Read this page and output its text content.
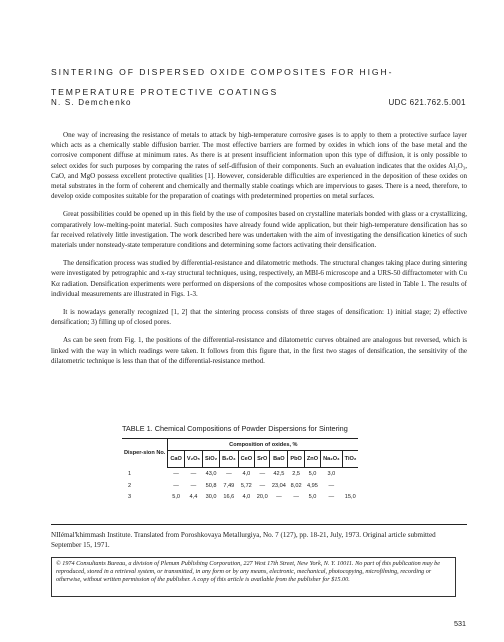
SINTERING OF DISPERSED OXIDE COMPOSITES FOR HIGH-
TEMPERATURE PROTECTIVE COATINGS
N. S. Demchenko	UDC 621.762.5.001

One way of increasing the resistance of metals to attack by high-temperature corrosive gases is to apply to them a protective surface layer which acts as a chemically stable diffusion barrier. The most effective barriers are formed by oxides in which ions of the base metal and the corrosive component diffuse at minimum rates. As there is at present insufficient information upon this type of diffusion, it is only possible to select oxides for such purposes by comparing the rates of self-diffusion of their components. Such an evaluation indicates that the oxides Al₂O₃, CaO, and MgO possess excellent protective qualities [1]. However, considerable difficulties are experienced in the deposition of these oxides on metal substrates in the form of coherent and chemically and thermally stable coatings which are impervious to gases. There is a need, therefore, to develop oxide composites suitable for the preparation of coatings with predetermined properties on metal surfaces.

Great possibilities could be opened up in this field by the use of composites based on crystalline materials bonded with glass or a crystallizing, comparatively low-melting-point material. Such composites have already found wide application, but their high-temperature densification has so far received relatively little investigation. The work described here was undertaken with the aim of investigating the densification kinetics of such materials under nonsteady-state temperature conditions and determining some factors activating their densification.

The densification process was studied by differential-resistance and dilatometric methods. The structural changes taking place during sintering were investigated by petrographic and x-ray structural techniques, using, respectively, an MBI-6 microscope and a URS-50 diffractometer with Cu Kα radiation. Densification experiments were performed on dispersions of the composites whose compositions are listed in Table 1. The results of individual measurements are illustrated in Figs. 1-3.

It is nowadays generally recognized [1, 2] that the sintering process consists of three stages of densification: 1) initial stage; 2) effective densification; 3) filling up of closed pores.

As can be seen from Fig. 1, the positions of the differential-resistance and dilatometric curves obtained are analogous but reversed, which is linked with the way in which readings were taken. It follows from this figure that, in the first two stages of densification, the sensitivity of the dilatometric technique is less than that of the differential-resistance method.

TABLE 1. Chemical Compositions of Powder Dispersions for Sintering
Disper-sion No.	Composition of oxides, %										
	CaO	V₂O₅	SiO₂	B₂O₃	CeO	SrO	BaO	PbO	ZnO	Na₂O₃	TiO₂
1	—	—	43,0	—	4,0	—	42,5	2,5	5,0	3,0	
2	—	—	50,8	7,49	5,72	—	23,04	8,02	4,95	—	
3	5,0	4,4	30,0	16,6	4,0	20,0	—	—	5,0	—	15,0
NIIémal'khimmash Institute. Translated from Poroshkovaya Metallurgiya, No. 7 (127), pp. 18-21, July, 1973. Original article submitted September 15, 1971.
© 1974 Consultants Bureau, a division of Plenum Publishing Corporation, 227 West 17th Street, New York, N. Y. 10011. No part of this publication may be reproduced, stored in a retrieval system, or transmitted, in any form or by any means, electronic, mechanical, photocopying, microfilming, recording or otherwise, without written permission of the publisher. A copy of this article is available from the publisher for $15.00.
531
